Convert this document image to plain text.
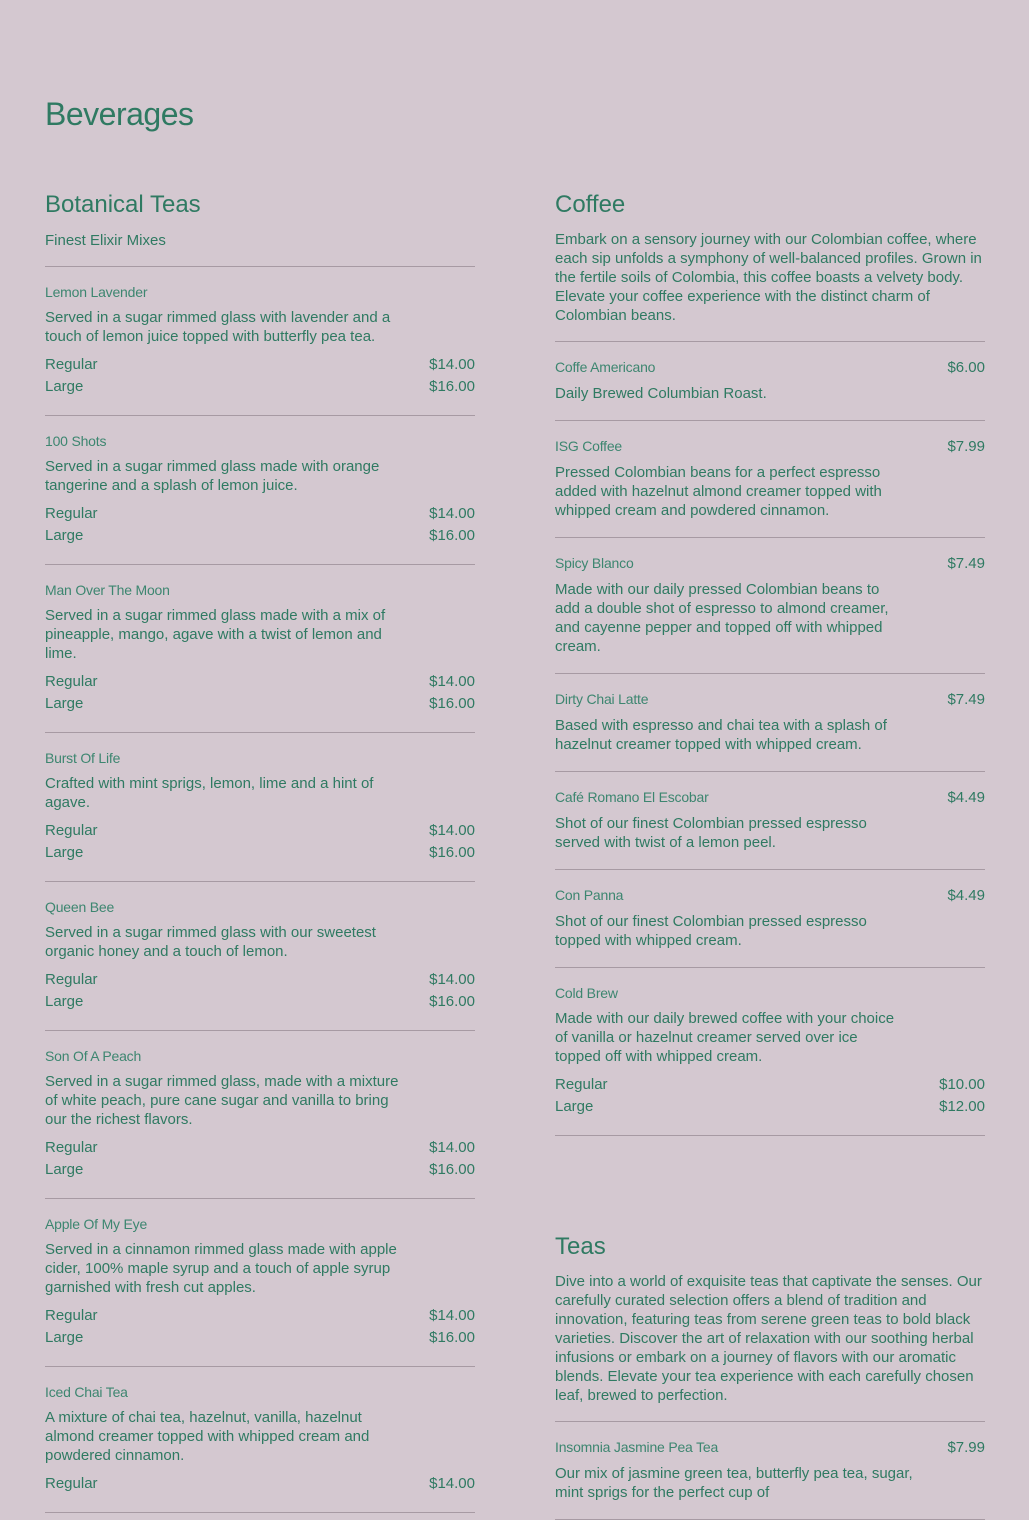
Beverages
Botanical Teas
Finest Elixir Mixes
Lemon Lavender
Served in a sugar rimmed glass with lavender and a touch of lemon juice topped with butterfly pea tea.
Regular	$14.00
Large	$16.00
100 Shots
Served in a sugar rimmed glass made with orange tangerine and a splash of lemon juice.
Regular	$14.00
Large	$16.00
Man Over The Moon
Served in a sugar rimmed glass made with a mix of pineapple, mango, agave with a twist of lemon and lime.
Regular	$14.00
Large	$16.00
Burst Of Life
Crafted with mint sprigs, lemon, lime and a hint of agave.
Regular	$14.00
Large	$16.00
Queen Bee
Served in a sugar rimmed glass with our sweetest organic honey and a touch of lemon.
Regular	$14.00
Large	$16.00
Son Of A Peach
Served in a sugar rimmed glass, made with a mixture of white peach, pure cane sugar and vanilla to bring our the richest flavors.
Regular	$14.00
Large	$16.00
Apple Of My Eye
Served in a cinnamon rimmed glass made with apple cider, 100% maple syrup and a touch of apple syrup garnished with fresh cut apples.
Regular	$14.00
Large	$16.00
Iced Chai Tea
A mixture of chai tea, hazelnut, vanilla, hazelnut almond creamer topped with whipped cream and powdered cinnamon.
Regular	$14.00
Coffee
Embark on a sensory journey with our Colombian coffee, where each sip unfolds a symphony of well-balanced profiles. Grown in the fertile soils of Colombia, this coffee boasts a velvety body. Elevate your coffee experience with the distinct charm of Colombian beans.
Coffe Americano	$6.00
Daily Brewed Columbian Roast.
ISG Coffee	$7.99
Pressed Colombian beans for a perfect espresso added with hazelnut almond creamer topped with whipped cream and powdered cinnamon.
Spicy Blanco	$7.49
Made with our daily pressed Colombian beans to add a double shot of espresso to almond creamer, and cayenne pepper and topped off with whipped cream.
Dirty Chai Latte	$7.49
Based with espresso and chai tea with a splash of hazelnut creamer topped with whipped cream.
Café Romano El Escobar	$4.49
Shot of our finest Colombian pressed espresso served with twist of a lemon peel.
Con Panna	$4.49
Shot of our finest Colombian pressed espresso topped with whipped cream.
Cold Brew
Made with our daily brewed coffee with your choice of vanilla or hazelnut creamer served over ice topped off with whipped cream.
Regular	$10.00
Large	$12.00
Teas
Dive into a world of exquisite teas that captivate the senses. Our carefully curated selection offers a blend of tradition and innovation, featuring teas from serene green teas to bold black varieties. Discover the art of relaxation with our soothing herbal infusions or embark on a journey of flavors with our aromatic blends. Elevate your tea experience with each carefully chosen leaf, brewed to perfection.
Insomnia Jasmine Pea Tea	$7.99
Our mix of jasmine green tea, butterfly pea tea, sugar, mint sprigs for the perfect cup of
